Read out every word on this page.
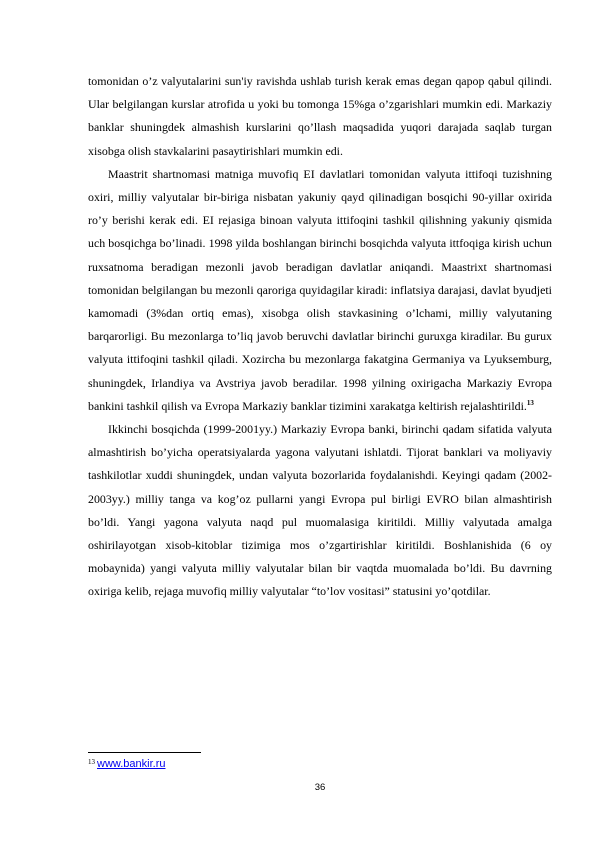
tomonidan o’z valyutalarini sun'iy ravishda ushlab turish kerak emas degan qapop qabul qilindi. Ular belgilangan kurslar atrofida u yoki bu tomonga 15%ga o’zgarishlari mumkin edi. Markaziy banklar shuningdek almashish kurslarini qo’llash maqsadida yuqori darajada saqlab turgan xisobga olish stavkalarini pasaytirishlari mumkin edi.

Maastrit shartnomasi matniga muvofiq EI davlatlari tomonidan valyuta ittifoqi tuzishning oxiri, milliy valyutalar bir-biriga nisbatan yakuniy qayd qilinadigan bosqichi 90-yillar oxirida ro’y berishi kerak edi. EI rejasiga binoan valyuta ittifoqini tashkil qilishning yakuniy qismida uch bosqichga bo’linadi. 1998 yilda boshlangan birinchi bosqichda valyuta ittfoqiga kirish uchun ruxsatnoma beradigan mezonli javob beradigan davlatlar aniqandi. Maastrixt shartnomasi tomonidan belgilangan bu mezonli qaroriga quyidagilar kiradi: inflatsiya darajasi, davlat byudjeti kamomadi (3%dan ortiq emas), xisobga olish stavkasining o’lchami, milliy valyutaning barqarorligi. Bu mezonlarga to’liq javob beruvchi davlatlar birinchi guruxga kiradilar. Bu gurux valyuta ittifoqini tashkil qiladi. Xozircha bu mezonlarga fakatgina Germaniya va Lyuksemburg, shuningdek, Irlandiya va Avstriya javob beradilar. 1998 yilning oxirigacha Markaziy Evropa bankini tashkil qilish va Evropa Markaziy banklar tizimini xarakatga keltirish rejalashtirildi.$^{13}$

Ikkinchi bosqichda (1999-2001yy.) Markaziy Evropa banki, birinchi qadam sifatida valyuta almashtirish bo’yicha operatsiyalarda yagona valyutani ishlatdi. Tijorat banklari va moliyaviy tashkilotlar xuddi shuningdek, undan valyuta bozorlarida foydalanishdi. Keyingi qadam (2002-2003yy.) milliy tanga va kog’oz pullarni yangi Evropa pul birligi EVRO bilan almashtirish bo’ldi. Yangi yagona valyuta naqd pul muomalasiga kiritildi. Milliy valyutada amalga oshirilayotgan xisob-kitoblar tizimiga mos o’zgartirishlar kiritildi. Boshlanishida (6 oy mobaynida) yangi valyuta milliy valyutalar bilan bir vaqtda muomalada bo’ldi. Bu davrning oxiriga kelib, rejaga muvofiq milliy valyutalar “to’lov vositasi” statusini yo’qotdilar.

$^{13}$ www.bankir.ru
36
